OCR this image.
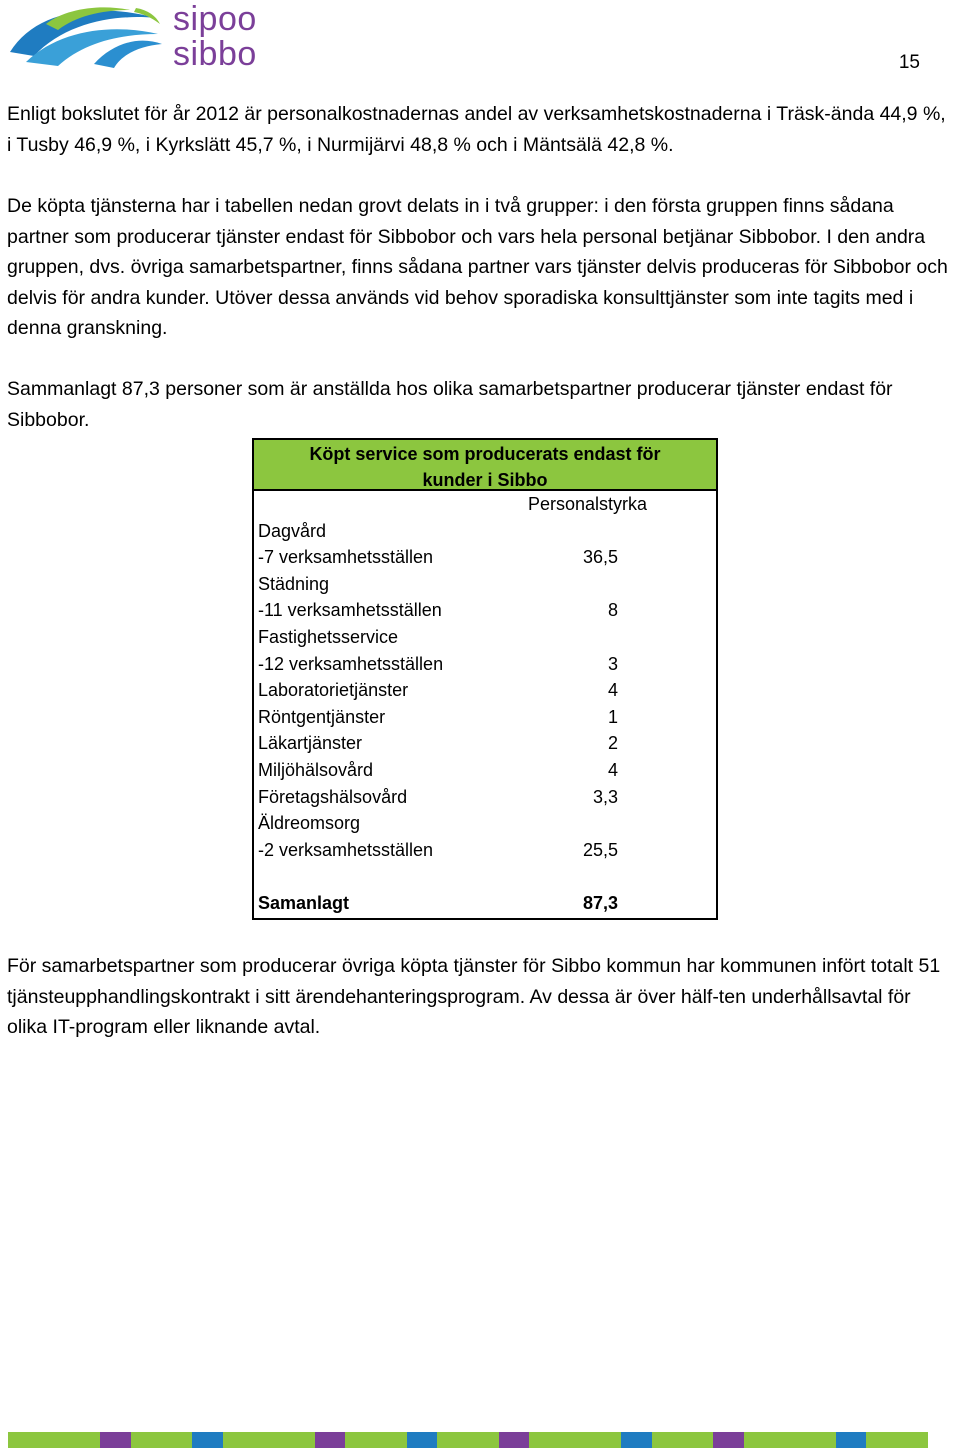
sipoo
sibbo	15

Enligt bokslutet för år 2012 är personalkostnadernas andel av verksamhetskostnaderna i Träsk-ända 44,9 %, i Tusby 46,9 %, i Kyrkslätt 45,7 %, i Nurmijärvi 48,8 % och i Mäntsälä 42,8 %.

De köpta tjänsterna har i tabellen nedan grovt delats in i två grupper: i den första gruppen finns sådana partner som producerar tjänster endast för Sibbobor och vars hela personal betjänar Sibbobor. I den andra gruppen, dvs. övriga samarbetspartner, finns sådana partner vars tjänster delvis produceras för Sibbobor och delvis för andra kunder. Utöver dessa används vid behov sporadiska konsulttjänster som inte tagits med i denna granskning.

Sammanlagt 87,3 personer som är anställda hos olika samarbetspartner producerar tjänster endast för Sibbobor.

Köpt service som producerats endast för
kunder i Sibbo
Personalstyrka
Dagvård
-7 verksamhetsställen	36,5
Städning
-11 verksamhetsställen	8
Fastighetsservice
-12 verksamhetsställen	3
Laboratorietjänster	4
Röntgentjänster	1
Läkartjänster	2
Miljöhälsovård	4
Företagshälsovård	3,3
Äldreomsorg
-2 verksamhetsställen	25,5
Samanlagt	87,3

För samarbetspartner som producerar övriga köpta tjänster för Sibbo kommun har kommunen infört totalt 51 tjänsteupphandlingskontrakt i sitt ärendehanteringsprogram. Av dessa är över hälf-ten underhållsavtal för olika IT-program eller liknande avtal.
